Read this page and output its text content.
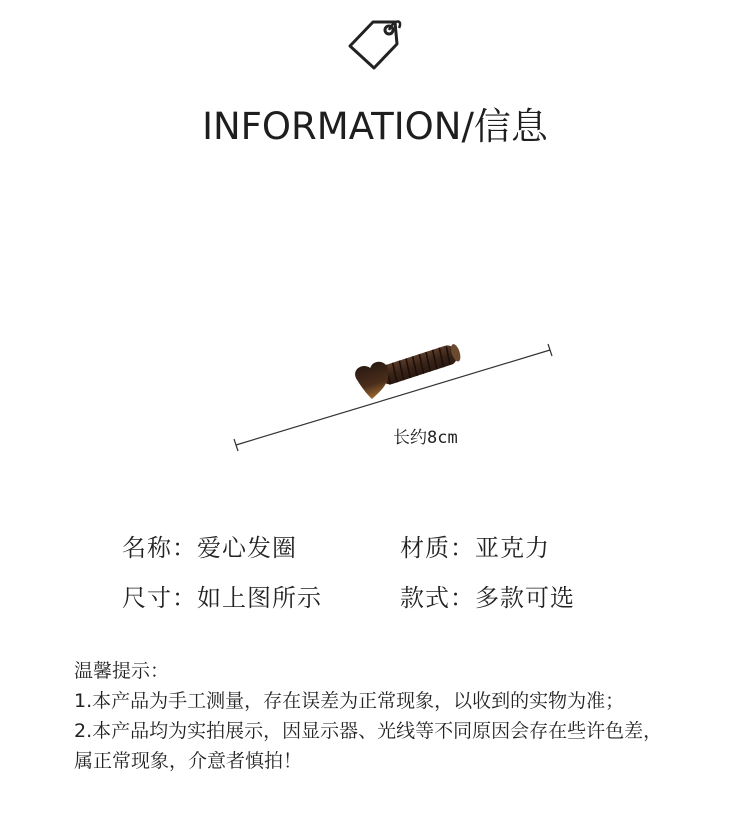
INFORMATION/信息
长约8cm
名称：爱心发圈	材质：亚克力
尺寸：如上图所示	款式：多款可选
温馨提示：
1.本产品为手工测量，存在误差为正常现象，以收到的实物为准；
2.本产品均为实拍展示，因显示器、光线等不同原因会存在些许色差，
属正常现象，介意者慎拍！
